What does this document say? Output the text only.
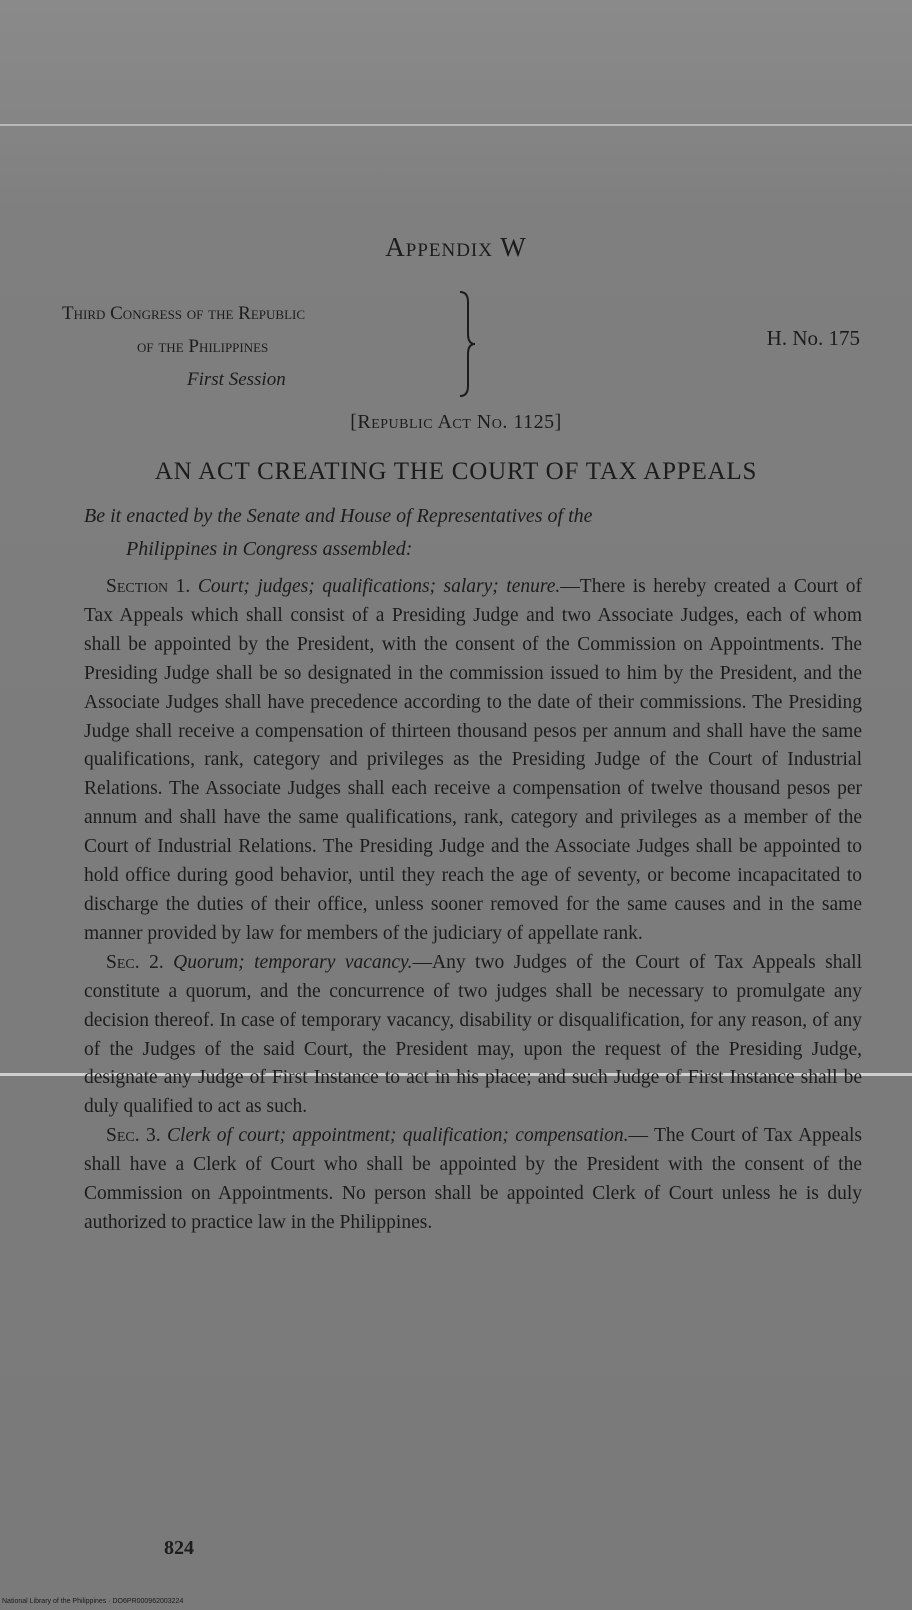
Appendix W
Third Congress of the Republic
of the Philippines
First Session
H. No. 175
[Republic Act No. 1125]
AN ACT CREATING THE COURT OF TAX APPEALS
Be it enacted by the Senate and House of Representatives of the
Philippines in Congress assembled:

Section 1. Court; judges; qualifications; salary; tenure.—There is hereby created a Court of Tax Appeals which shall consist of a Presiding Judge and two Associate Judges, each of whom shall be appointed by the President, with the consent of the Commission on Appointments. The Presiding Judge shall be so designated in the commission issued to him by the President, and the Associate Judges shall have precedence according to the date of their commissions. The Presiding Judge shall receive a compensation of thirteen thousand pesos per annum and shall have the same qualifications, rank, category and privileges as the Presiding Judge of the Court of Industrial Relations. The Associate Judges shall each receive a compensation of twelve thousand pesos per annum and shall have the same qualifications, rank, category and privileges as a member of the Court of Industrial Relations. The Presiding Judge and the Associate Judges shall be appointed to hold office during good behavior, until they reach the age of seventy, or become incapacitated to discharge the duties of their office, unless sooner removed for the same causes and in the same manner provided by law for members of the judiciary of appellate rank.

Sec. 2. Quorum; temporary vacancy.—Any two Judges of the Court of Tax Appeals shall constitute a quorum, and the concurrence of two judges shall be necessary to promulgate any decision thereof. In case of temporary vacancy, disability or disqualification, for any reason, of any of the Judges of the said Court, the President may, upon the request of the Presiding Judge, designate any Judge of First Instance to act in his place; and such Judge of First Instance shall be duly qualified to act as such.

Sec. 3. Clerk of court; appointment; qualification; compensation.— The Court of Tax Appeals shall have a Clerk of Court who shall be appointed by the President with the consent of the Commission on Appointments. No person shall be appointed Clerk of Court unless he is duly authorized to practice law in the Philippines.

824
National Library of the Philippines · DO6PR000962003224
